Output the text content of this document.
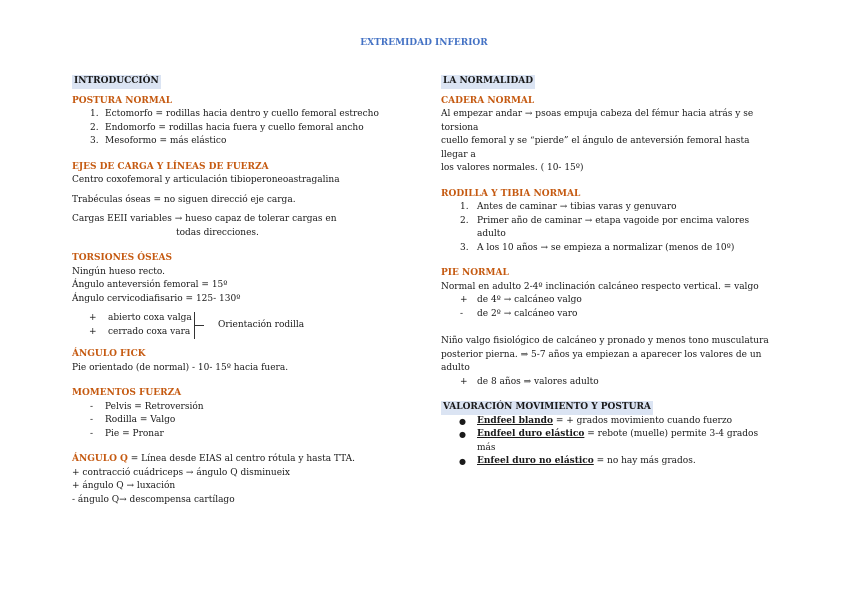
EXTREMIDAD INFERIOR
INTRODUCCIÓN
POSTURA NORMAL
1. Ectomorfo = rodillas hacia dentro y cuello femoral estrecho
2. Endomorfo = rodillas hacia fuera y cuello femoral ancho
3. Mesoformo = más elástico
EJES DE CARGA Y LÍNEAS DE FUERZA
Centro coxofemoral y articulación tibioperoneoastragalina
Trabéculas óseas = no siguen direcció eje carga.
Cargas EEII variables → hueso capaz de tolerar cargas en
todas direcciones.
TORSIONES ÓSEAS
Ningún hueso recto.
Ángulo anteversión femoral = 15º
Ángulo cervicodiafisario = 125- 130º
+ abierto coxa valga
+ cerrado coxa vara
Orientación rodilla
ÁNGULO FICK
Pie orientado (de normal) - 10- 15º hacia fuera.
MOMENTOS FUERZA
- Pelvis = Retroversión
- Rodilla = Valgo
- Pie = Pronar
ÁNGULO Q = Línea desde EIAS al centro rótula y hasta TTA.
+ contracció cuádriceps → ángulo Q disminueix
+ ángulo Q → luxación
- ángulo Q→ descompensa cartílago
LA NORMALIDAD
CADERA NORMAL
Al empezar andar → psoas empuja cabeza del fémur hacia atrás y se torsiona
cuello femoral y se “pierde” el ángulo de anteversión femoral hasta llegar a
los valores normales. ( 10- 15º)
RODILLA Y TIBIA NORMAL
1. Antes de caminar → tibias varas y genuvaro
2. Primer año de caminar → etapa vagoide por encima valores adulto
3. A los 10 años → se empieza a normalizar (menos de 10º)
PIE NORMAL
Normal en adulto 2-4º inclinación calcáneo respecto vertical. = valgo
+ de 4º → calcáneo valgo
- de 2º → calcáneo varo
Niño valgo fisiológico de calcáneo y pronado y menos tono musculatura
posterior pierna. ⇒ 5-7 años ya empiezan a aparecer los valores de un adulto
+ de 8 años ⇒ valores adulto
VALORACIÓN MOVIMIENTO Y POSTURA
● Endfeel blando = + grados movimiento cuando fuerzo
● Endfeel duro elástico = rebote (muelle) permite 3-4 grados más
● Enfeel duro no elástico = no hay más grados.
